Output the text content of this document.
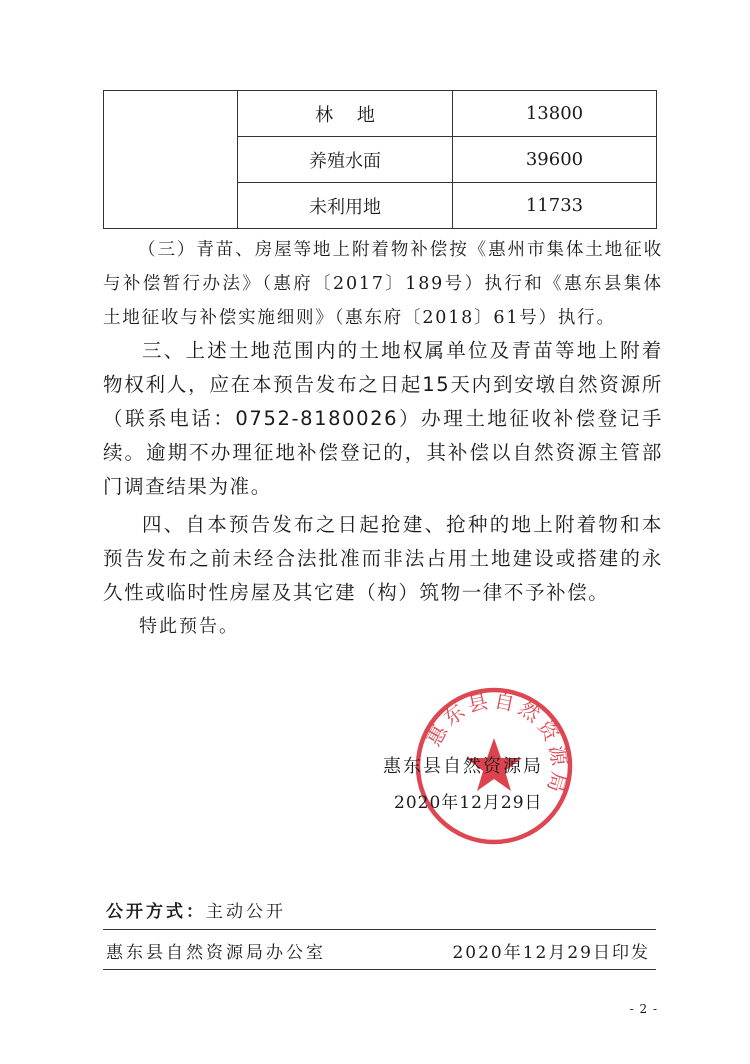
	林 地	13800
	养殖水面	39600
	未利用地	11733

（三）青苗、房屋等地上附着物补偿按《惠州市集体土地征收与补偿暂行办法》（惠府〔2017〕189号）执行和《惠东县集体土地征收与补偿实施细则》（惠东府〔2018〕61号）执行。

三、上述土地范围内的土地权属单位及青苗等地上附着物权利人，应在本预告发布之日起15天内到安墩自然资源所（联系电话：0752-8180026）办理土地征收补偿登记手续。逾期不办理征地补偿登记的，其补偿以自然资源主管部门调查结果为准。

四、自本预告发布之日起抢建、抢种的地上附着物和本预告发布之前未经合法批准而非法占用土地建设或搭建的永久性或临时性房屋及其它建（构）筑物一律不予补偿。

特此预告。

惠东县自然资源局
惠东县自然资源局
2020年12月29日
公开方式：主动公开
惠东县自然资源局办公室	2020年12月29日印发
- 2 -
